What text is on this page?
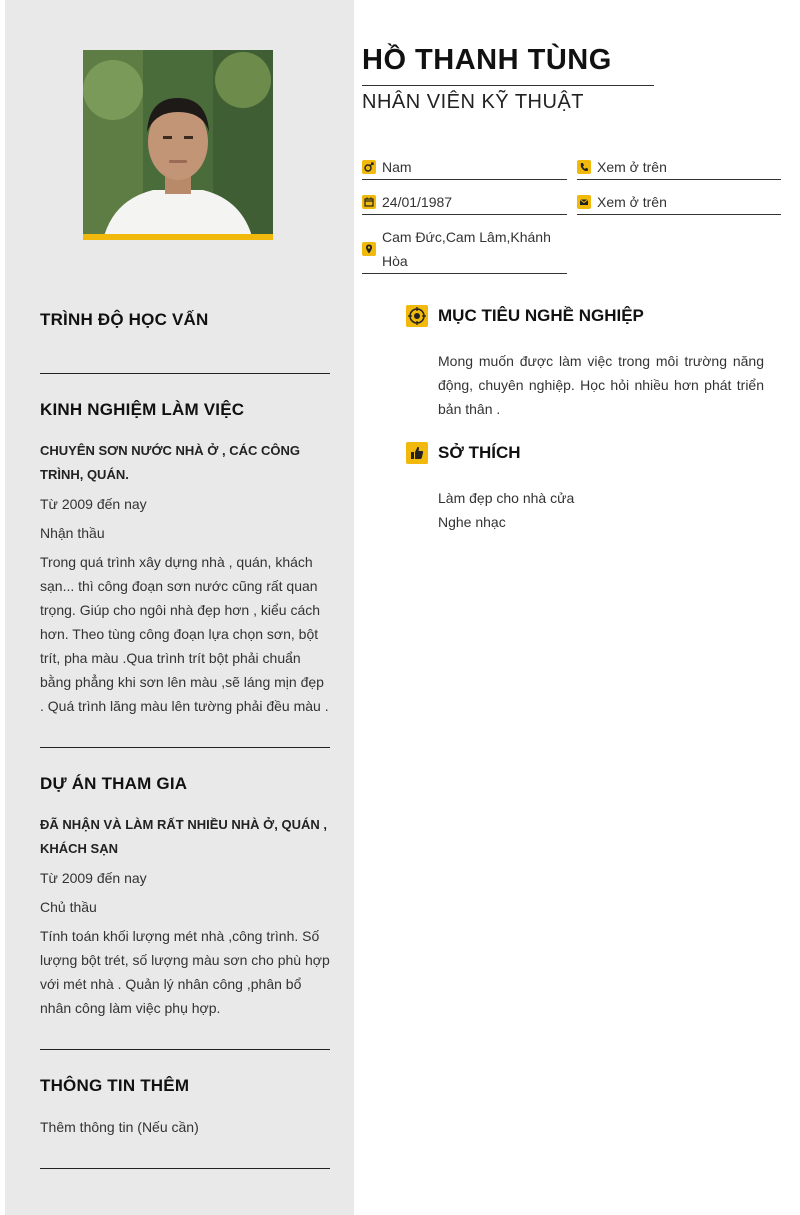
TRÌNH ĐỘ HỌC VẤN
KINH NGHIỆM LÀM VIỆC
CHUYÊN SƠN NƯỚC NHÀ Ở , CÁC CÔNG TRÌNH, QUÁN.
Từ 2009 đến nay
Nhận thầu
Trong quá trình xây dựng nhà , quán, khách sạn... thì công đoạn sơn nước cũng rất quan trọng. Giúp cho ngôi nhà đẹp hơn , kiểu cách hơn. Theo tùng công đoạn lựa chọn sơn, bột trít, pha màu .Qua trình trít bột phải chuẩn bằng phẳng khi sơn lên màu ,sẽ láng mịn đẹp . Quá trình lăng màu lên tường phải đều màu .
DỰ ÁN THAM GIA
ĐÃ NHẬN VÀ LÀM RẤT NHIỀU NHÀ Ở, QUÁN , KHÁCH SẠN
Từ 2009 đến nay
Chủ thầu
Tính toán khối lượng mét nhà ,công trình. Số lượng bột trét, số lượng màu sơn cho phù hợp với mét nhà . Quản lý nhân công ,phân bổ nhân công làm việc phụ hợp.
THÔNG TIN THÊM
Thêm thông tin (Nếu cần)
HỒ THANH TÙNG
NHÂN VIÊN KỸ THUẬT
Nam	Xem ở trên
24/01/1987	Xem ở trên
Cam Đức,Cam Lâm,Khánh Hòa
MỤC TIÊU NGHỀ NGHIỆP
Mong muốn được làm việc trong môi trường năng động, chuyên nghiệp. Học hỏi nhiều hơn phát triển bản thân .
SỞ THÍCH
Làm đẹp cho nhà cửa
Nghe nhạc
